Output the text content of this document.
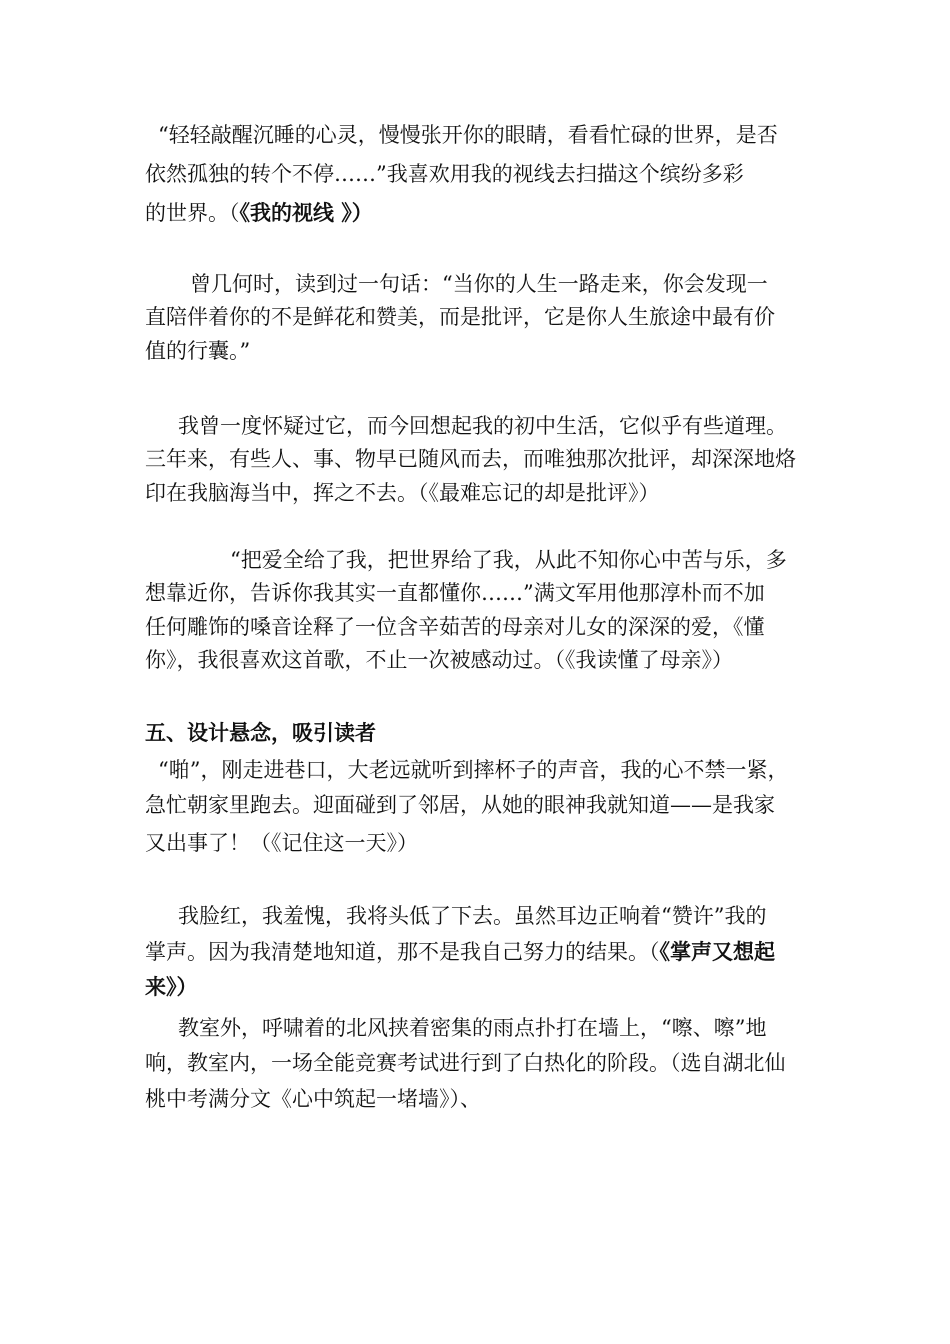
“轻轻敲醒沉睡的心灵，慢慢张开你的眼睛，看看忙碌的世界，是否
依然孤独的转个不停……”我喜欢用我的视线去扫描这个缤纷多彩
的世界。（《我的视线 》）
曾几何时，读到过一句话：“当你的人生一路走来，你会发现一
直陪伴着你的不是鲜花和赞美，而是批评，它是你人生旅途中最有价
值的行囊。”
我曾一度怀疑过它，而今回想起我的初中生活，它似乎有些道理。
三年来，有些人、事、物早已随风而去，而唯独那次批评，却深深地烙
印在我脑海当中，挥之不去。（《最难忘记的却是批评》）
“把爱全给了我，把世界给了我，从此不知你心中苦与乐，多
想靠近你，告诉你我其实一直都懂你……”满文军用他那淳朴而不加
任何雕饰的嗓音诠释了一位含辛茹苦的母亲对儿女的深深的爱，《懂
你》，我很喜欢这首歌，不止一次被感动过。（《我读懂了母亲》）
五、设计悬念，吸引读者
“啪”，刚走进巷口，大老远就听到摔杯子的声音，我的心不禁一紧，
急忙朝家里跑去。迎面碰到了邻居，从她的眼神我就知道——是我家
又出事了！（《记住这一天》）
我脸红，我羞愧，我将头低了下去。虽然耳边正响着“赞许”我的
掌声。因为我清楚地知道，那不是我自己努力的结果。（《掌声又想起
来》）
教室外，呼啸着的北风挟着密集的雨点扑打在墙上，“嚓、嚓”地
响，教室内，一场全能竞赛考试进行到了白热化的阶段。（选自湖北仙
桃中考满分文《心中筑起一堵墙》）、
